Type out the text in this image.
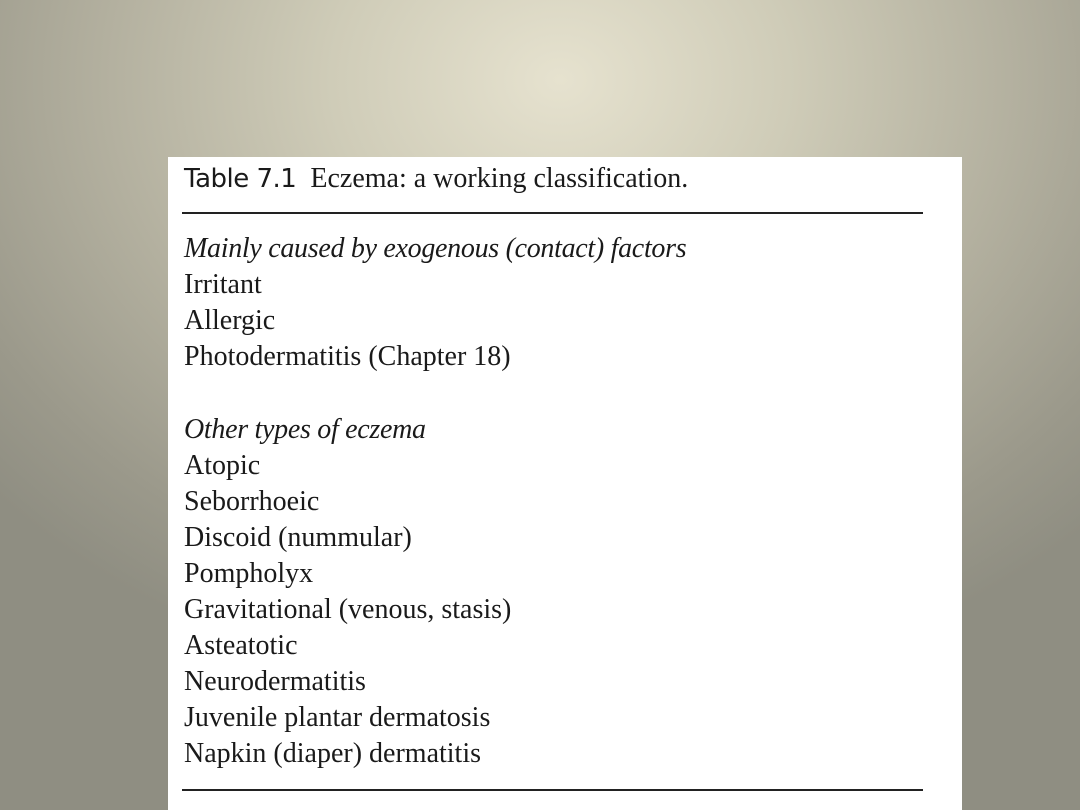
Table 7.1 Eczema: a working classification.
Mainly caused by exogenous (contact) factors
Irritant
Allergic
Photodermatitis (Chapter 18)
Other types of eczema
Atopic
Seborrhoeic
Discoid (nummular)
Pompholyx
Gravitational (venous, stasis)
Asteatotic
Neurodermatitis
Juvenile plantar dermatosis
Napkin (diaper) dermatitis
